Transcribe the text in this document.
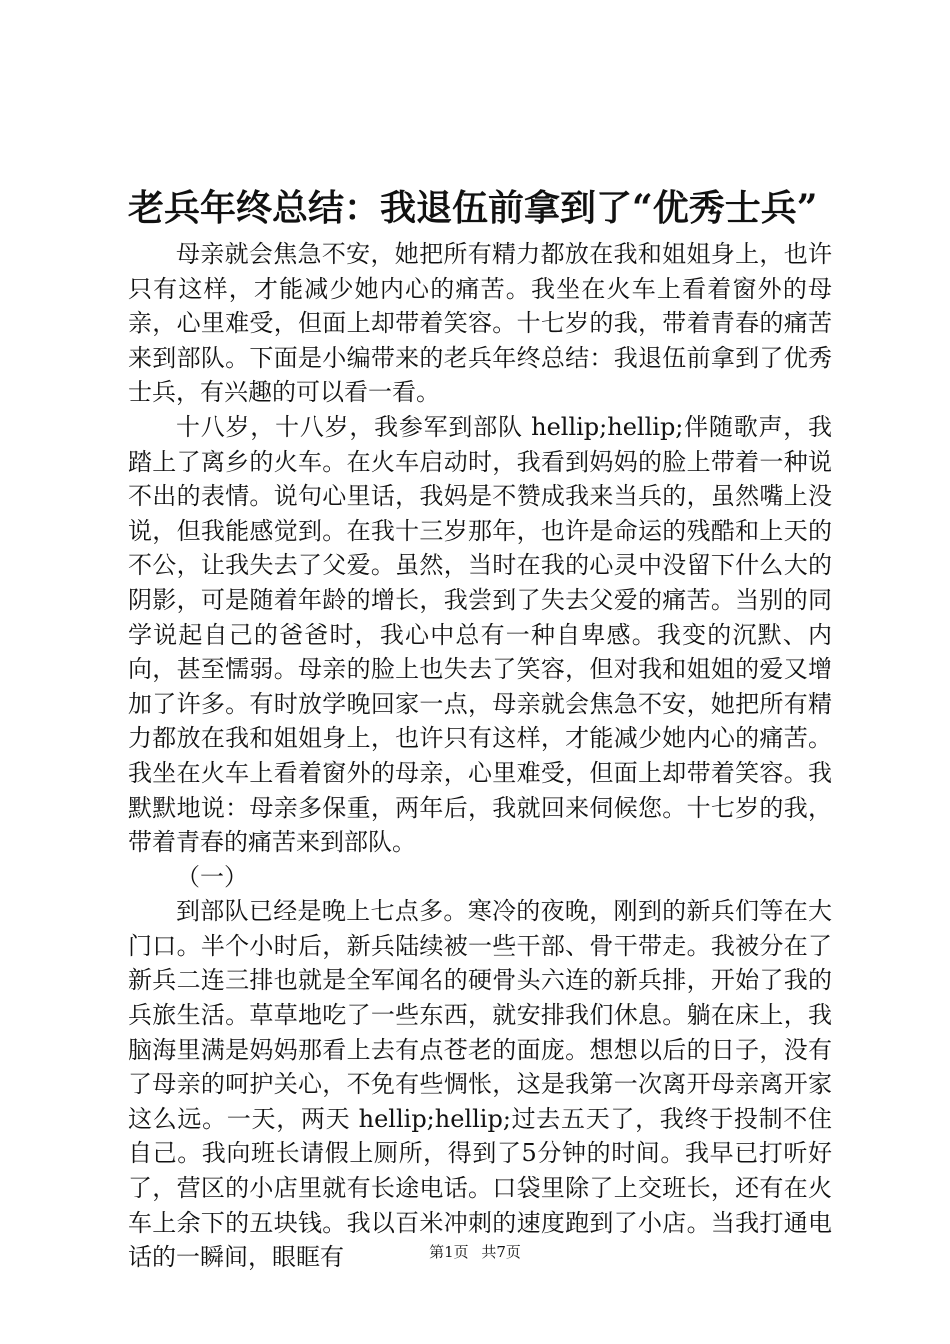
老兵年终总结：我退伍前拿到了“优秀士兵”

母亲就会焦急不安，她把所有精力都放在我和姐姐身上，也许只有这样，才能减少她内心的痛苦。我坐在火车上看着窗外的母亲，心里难受，但面上却带着笑容。十七岁的我，带着青春的痛苦来到部队。下面是小编带来的老兵年终总结：我退伍前拿到了优秀士兵，有兴趣的可以看一看。

十八岁，十八岁，我参军到部队 hellip;hellip;伴随歌声，我踏上了离乡的火车。在火车启动时，我看到妈妈的脸上带着一种说不出的表情。说句心里话，我妈是不赞成我来当兵的，虽然嘴上没说，但我能感觉到。在我十三岁那年，也许是命运的残酷和上天的不公，让我失去了父爱。虽然，当时在我的心灵中没留下什么大的阴影，可是随着年龄的增长，我尝到了失去父爱的痛苦。当别的同学说起自己的爸爸时，我心中总有一种自卑感。我变的沉默、内向，甚至懦弱。母亲的脸上也失去了笑容，但对我和姐姐的爱又增加了许多。有时放学晚回家一点，母亲就会焦急不安，她把所有精力都放在我和姐姐身上，也许只有这样，才能减少她内心的痛苦。我坐在火车上看着窗外的母亲，心里难受，但面上却带着笑容。我默默地说：母亲多保重，两年后，我就回来伺候您。十七岁的我，带着青春的痛苦来到部队。

（一）

到部队已经是晚上七点多。寒冷的夜晚，刚到的新兵们等在大门口。半个小时后，新兵陆续被一些干部、骨干带走。我被分在了新兵二连三排也就是全军闻名的硬骨头六连的新兵排，开始了我的兵旅生活。草草地吃了一些东西，就安排我们休息。躺在床上，我脑海里满是妈妈那看上去有点苍老的面庞。想想以后的日子，没有了母亲的呵护关心，不免有些惆怅，这是我第一次离开母亲离开家这么远。一天，两天 hellip;hellip;过去五天了，我终于投制不住自己。我向班长请假上厕所，得到了5分钟的时间。我早已打听好了，营区的小店里就有长途电话。口袋里除了上交班长，还有在火车上余下的五块钱。我以百米冲刺的速度跑到了小店。当我打通电话的一瞬间，眼眶有	第1页 共7页
